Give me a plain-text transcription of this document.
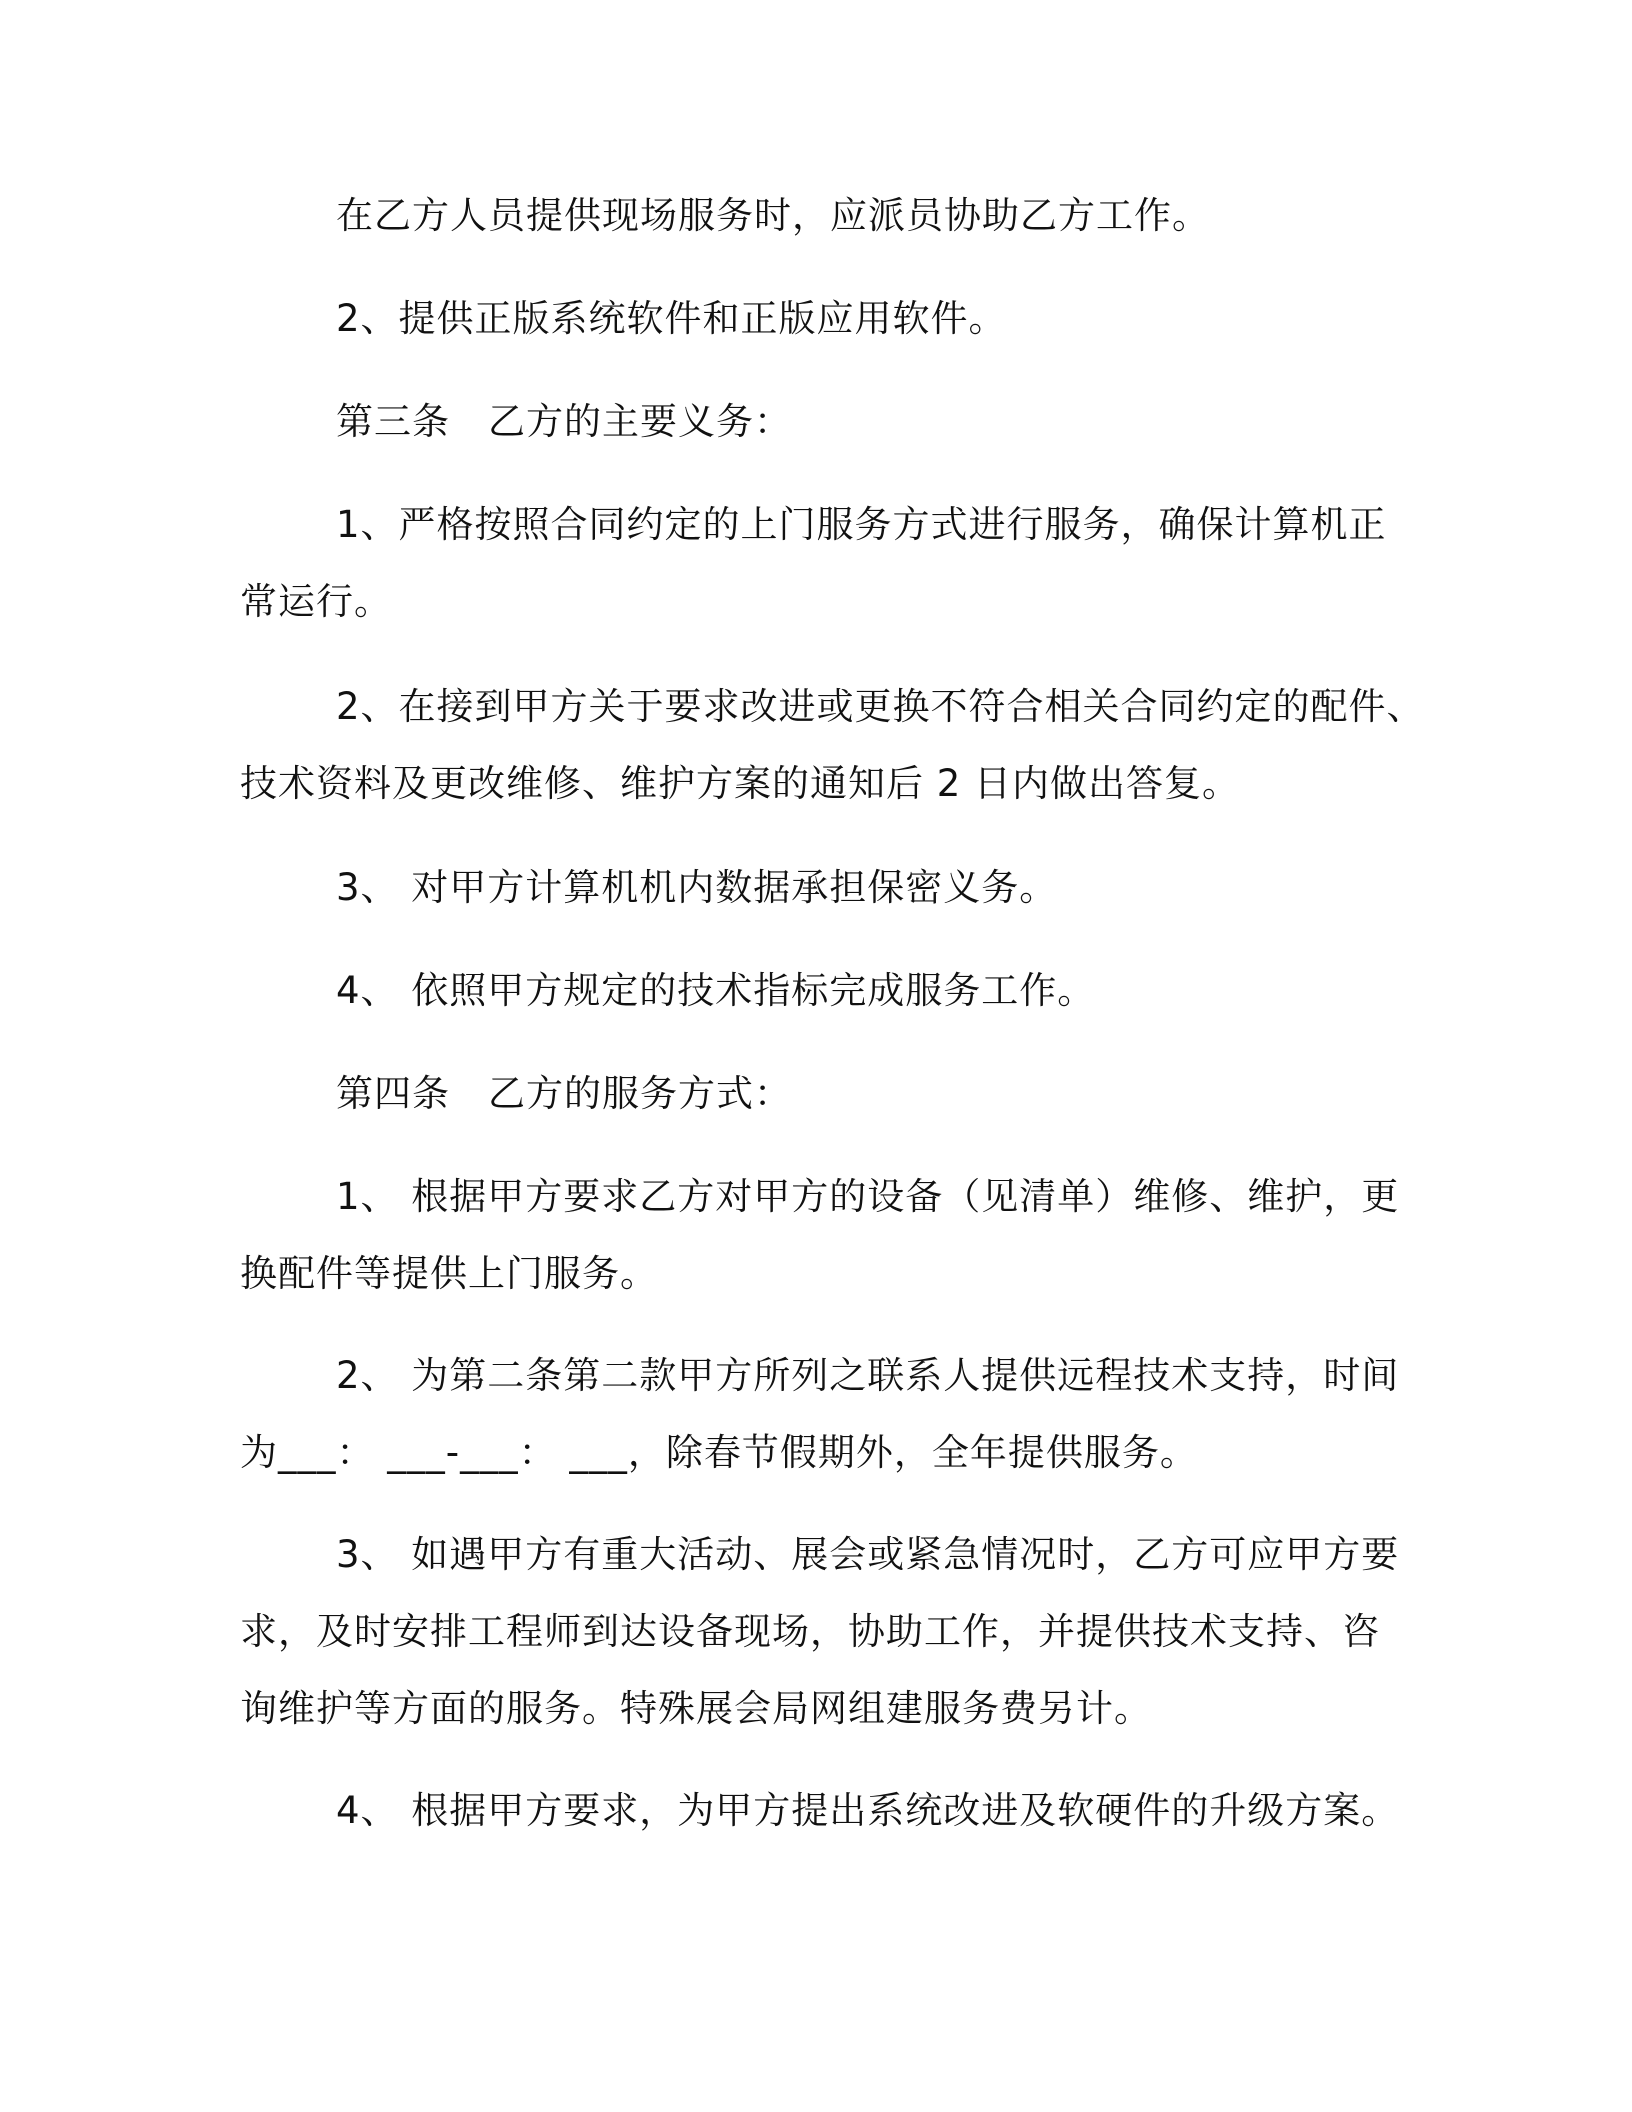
在乙方人员提供现场服务时，应派员协助乙方工作。
2、提供正版系统软件和正版应用软件。
第三条　乙方的主要义务：
1、严格按照合同约定的上门服务方式进行服务，确保计算机正
常运行。
2、在接到甲方关于要求改进或更换不符合相关合同约定的配件、
技术资料及更改维修、维护方案的通知后 2 日内做出答复。
3、 对甲方计算机机内数据承担保密义务。
4、 依照甲方规定的技术指标完成服务工作。
第四条　乙方的服务方式：
1、 根据甲方要求乙方对甲方的设备（见清单）维修、维护，更
换配件等提供上门服务。
2、 为第二条第二款甲方所列之联系人提供远程技术支持，时间
为___： ___-___： ___，除春节假期外，全年提供服务。
3、 如遇甲方有重大活动、展会或紧急情况时，乙方可应甲方要
求，及时安排工程师到达设备现场，协助工作，并提供技术支持、咨
询维护等方面的服务。特殊展会局网组建服务费另计。
4、 根据甲方要求，为甲方提出系统改进及软硬件的升级方案。
